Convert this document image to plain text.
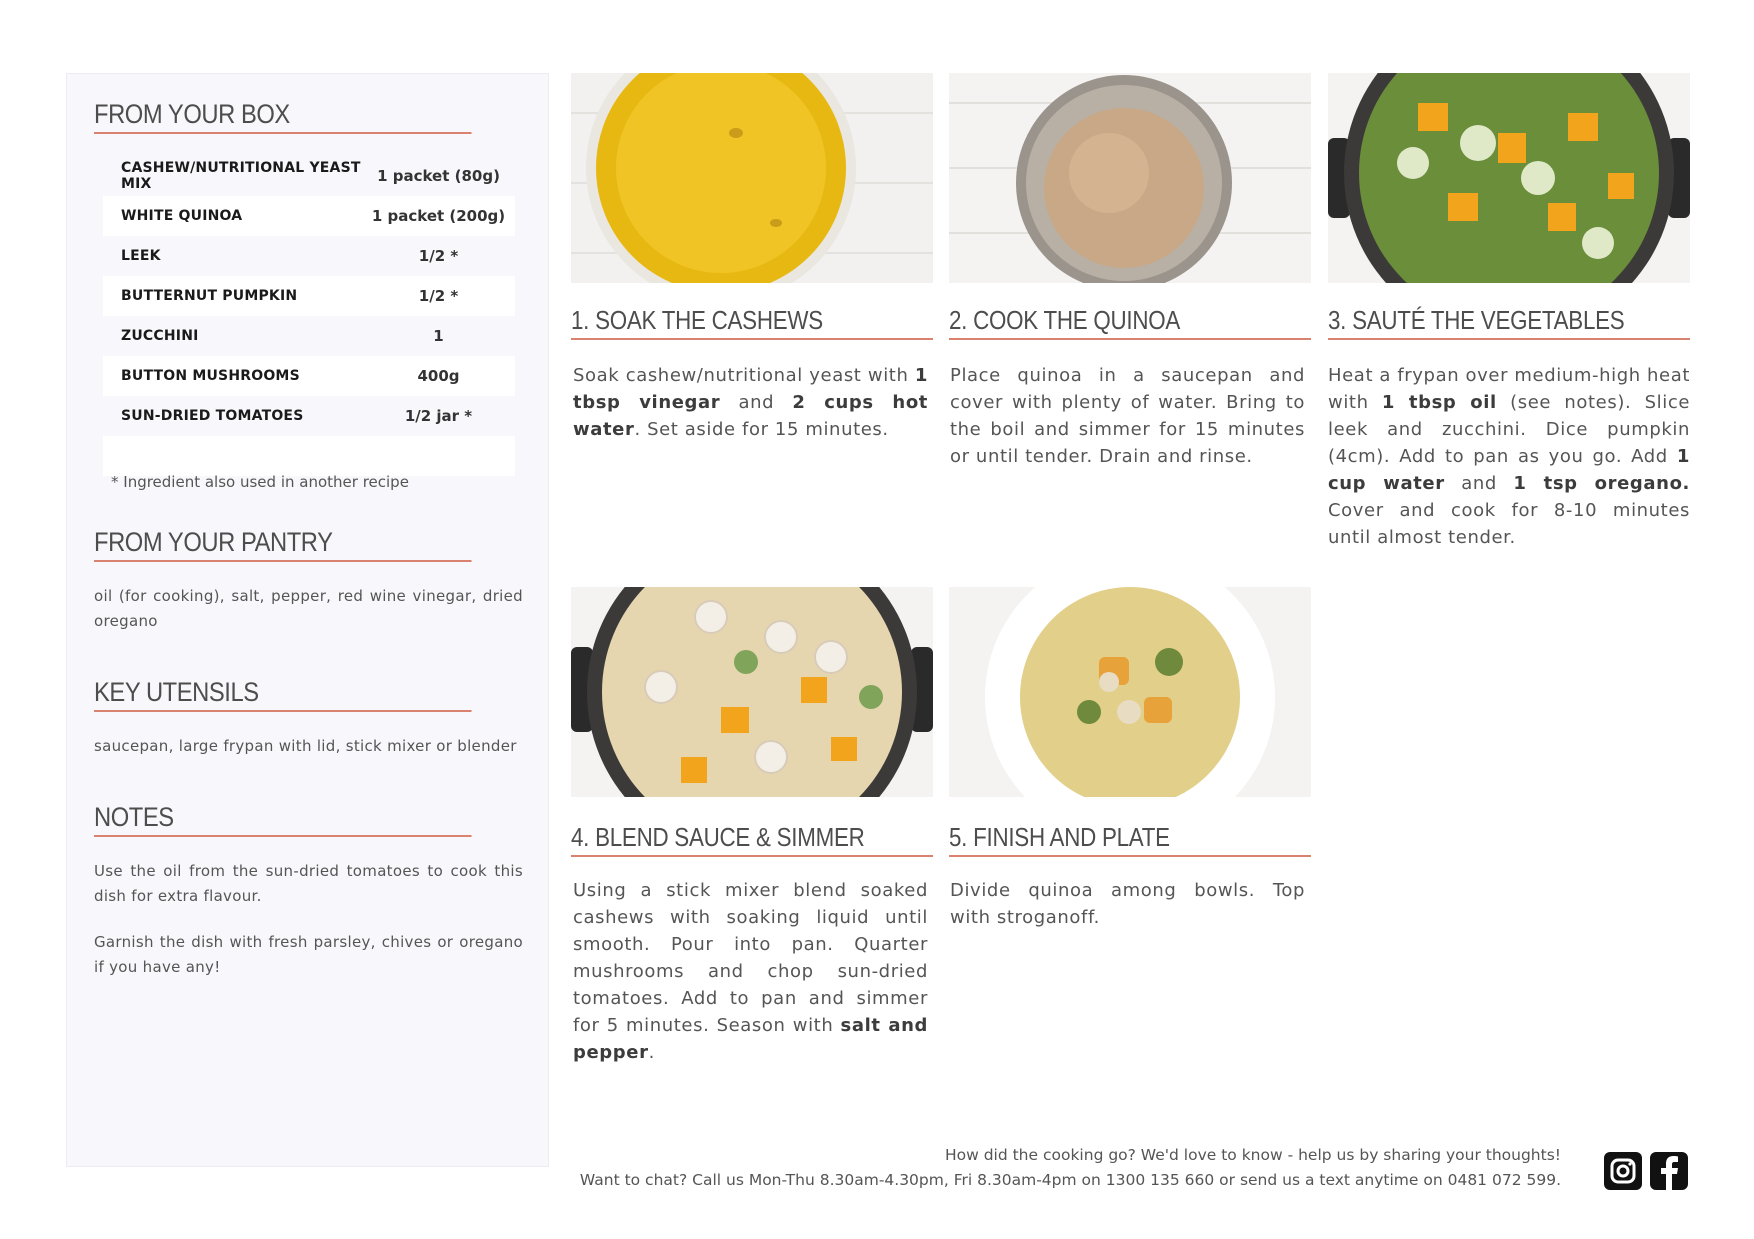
FROM YOUR BOX
CASHEW/NUTRITIONAL YEAST MIX	1 packet (80g)
WHITE QUINOA	1 packet (200g)
LEEK	1/2 *
BUTTERNUT PUMPKIN	1/2 *
ZUCCHINI	1
BUTTON MUSHROOMS	400g
SUN-DRIED TOMATOES	1/2 jar *

* Ingredient also used in another recipe
FROM YOUR PANTRY
oil (for cooking), salt, pepper, red wine vinegar, dried oregano
KEY UTENSILS
saucepan, large frypan with lid, stick mixer or blender
NOTES
Use the oil from the sun-dried tomatoes to cook this dish for extra flavour.
Garnish the dish with fresh parsley, chives or oregano if you have any!
1. SOAK THE CASHEWS
Soak cashew/nutritional yeast with 1 tbsp vinegar and 2 cups hot water. Set aside for 15 minutes.
2. COOK THE QUINOA
Place quinoa in a saucepan and cover with plenty of water. Bring to the boil and simmer for 15 minutes or until tender. Drain and rinse.
3. SAUTÉ THE VEGETABLES
Heat a frypan over medium-high heat with 1 tbsp oil (see notes). Slice leek and zucchini. Dice pumpkin (4cm). Add to pan as you go. Add 1 cup water and 1 tsp oregano. Cover and cook for 8-10 minutes until almost tender.
4. BLEND SAUCE & SIMMER
Using a stick mixer blend soaked cashews with soaking liquid until smooth. Pour into pan. Quarter mushrooms and chop sun-dried tomatoes. Add to pan and simmer for 5 minutes. Season with salt and pepper.
5. FINISH AND PLATE
Divide quinoa among bowls. Top with stroganoff.
How did the cooking go? We'd love to know - help us by sharing your thoughts!
Want to chat? Call us Mon-Thu 8.30am-4.30pm, Fri 8.30am-4pm on 1300 135 660 or send us a text anytime on 0481 072 599.
